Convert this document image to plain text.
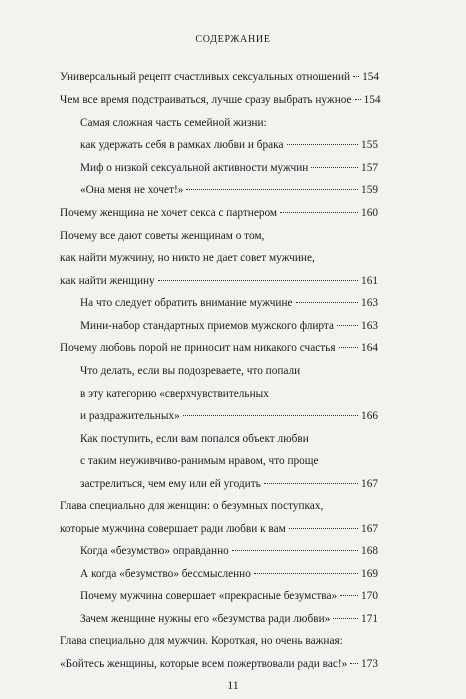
СОДЕРЖАНИЕ
Универсальный рецепт счастливых сексуальных отношений 154
Чем все время подстраиваться, лучше сразу выбрать нужное 154
Самая сложная часть семейной жизни:
как удержать себя в рамках любви и брака	155
Миф о низкой сексуальной активности мужчин	157
«Она меня не хочет!»	159
Почему женщина не хочет секса с партнером	160
Почему все дают советы женщинам о том,
как найти мужчину, но никто не дает совет мужчине,
как найти женщину	161
На что следует обратить внимание мужчине	163
Мини-набор стандартных приемов мужского флирта 163
Почему любовь порой не приносит нам никакого счастья 164
Что делать, если вы подозреваете, что попали
в эту категорию «сверхчувствительных
и раздражительных»	166
Как поступить, если вам попался объект любви
с таким неуживчиво-ранимым нравом, что проще
застрелиться, чем ему или ей угодить	167
Глава специально для женщин: о безумных поступках,
которые мужчина совершает ради любви к вам	167
Когда «безумство» оправданно	168
А когда «безумство» бессмысленно	169
Почему мужчина совершает «прекрасные безумства» 170
Зачем женщине нужны его «безумства ради любви»	171
Глава специально для мужчин. Короткая, но очень важная:
«Бойтесь женщины, которые всем пожертвовали ради вас!» 173
11
